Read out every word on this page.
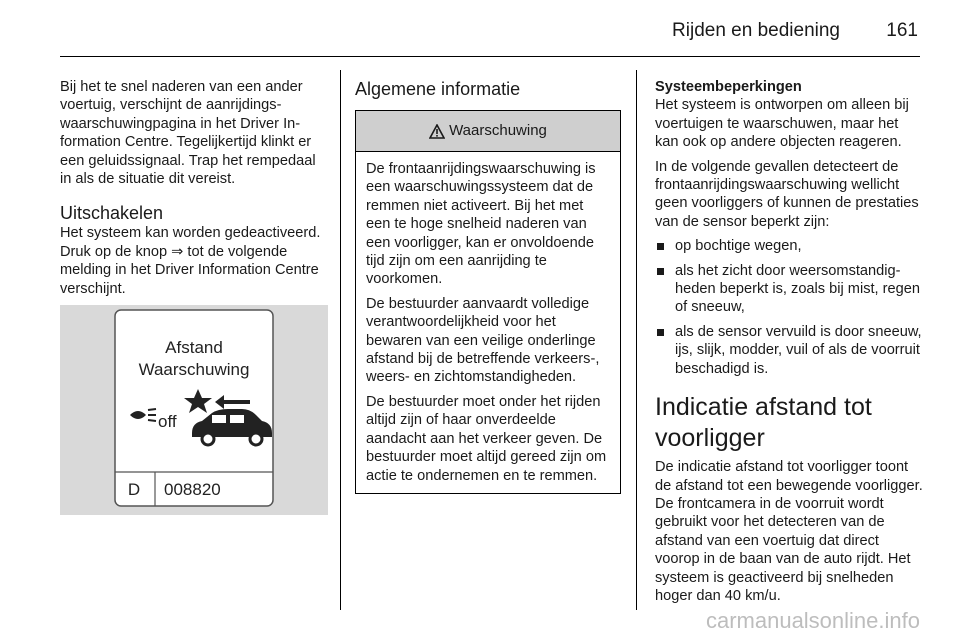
Rijden en bediening 161

Bij het te snel naderen van een ander voertuig, verschijnt de aanrijdingswaarschuwingpagina in het Driver Information Centre. Tegelijkertijd klinkt er een geluidssignaal. Trap het rempedaal in als de situatie dit vereist.

Uitschakelen

Het systeem kan worden gedeactiveerd. Druk op de knop ⇒ tot de volgende melding in het Driver Information Centre verschijnt.

Afstand
Waarschuwing
off
D 008820
Algemene informatie
Waarschuwing

De frontaanrijdingswaarschuwing is een waarschuwingssysteem dat de remmen niet activeert. Bij het met een te hoge snelheid naderen van een voorligger, kan er onvoldoende tijd zijn om een aanrijding te voorkomen.

De bestuurder aanvaardt volledige verantwoordelijkheid voor het bewaren van een veilige onderlinge afstand bij de betreffende verkeers-, weers- en zichtomstandigheden.

De bestuurder moet onder het rijden altijd zijn of haar onverdeelde aandacht aan het verkeer geven. De bestuurder moet altijd gereed zijn om actie te ondernemen en te remmen.

Systeembeperkingen

Het systeem is ontworpen om alleen bij voertuigen te waarschuwen, maar het kan ook op andere objecten reageren.

In de volgende gevallen detecteert de frontaanrijdingswaarschuwing wellicht geen voorliggers of kunnen de prestaties van de sensor beperkt zijn:

op bochtige wegen,
als het zicht door weersomstandigheden beperkt is, zoals bij mist, regen of sneeuw,
als de sensor vervuild is door sneeuw, ijs, slijk, modder, vuil of als de voorruit beschadigd is.
Indicatie afstand tot voorligger

De indicatie afstand tot voorligger toont de afstand tot een bewegende voorligger. De frontcamera in de voorruit wordt gebruikt voor het detecteren van de afstand van een voertuig dat direct voorop in de baan van de auto rijdt. Het systeem is geactiveerd bij snelheden hoger dan 40 km/u.

carmanualsonline.info
